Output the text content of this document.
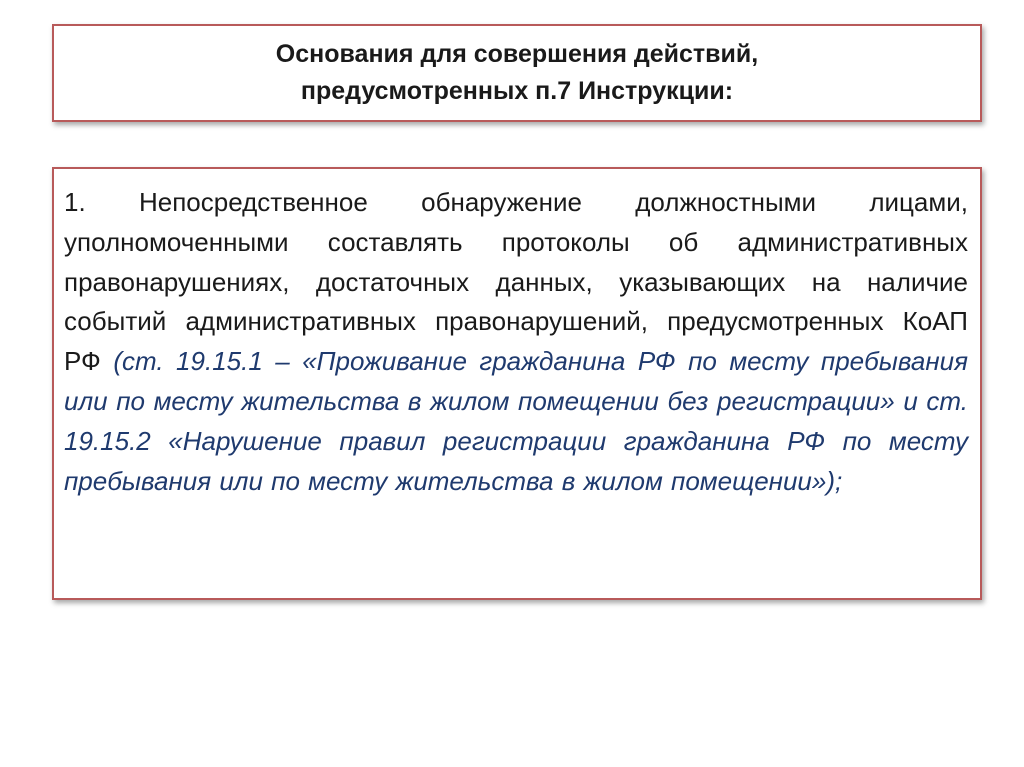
Основания для совершения действий,
предусмотренных п.7 Инструкции:

1. Непосредственное обнаружение должностными лицами, уполномоченными составлять протоколы об административных правонарушениях, достаточных данных, указывающих на наличие событий административных правонарушений, предусмотренных КоАП РФ (ст. 19.15.1 – «Проживание гражданина РФ по месту пребывания или по месту жительства в жилом помещении без регистрации» и ст. 19.15.2 «Нарушение правил регистрации гражданина РФ по месту пребывания или по месту жительства в жилом помещении»);
